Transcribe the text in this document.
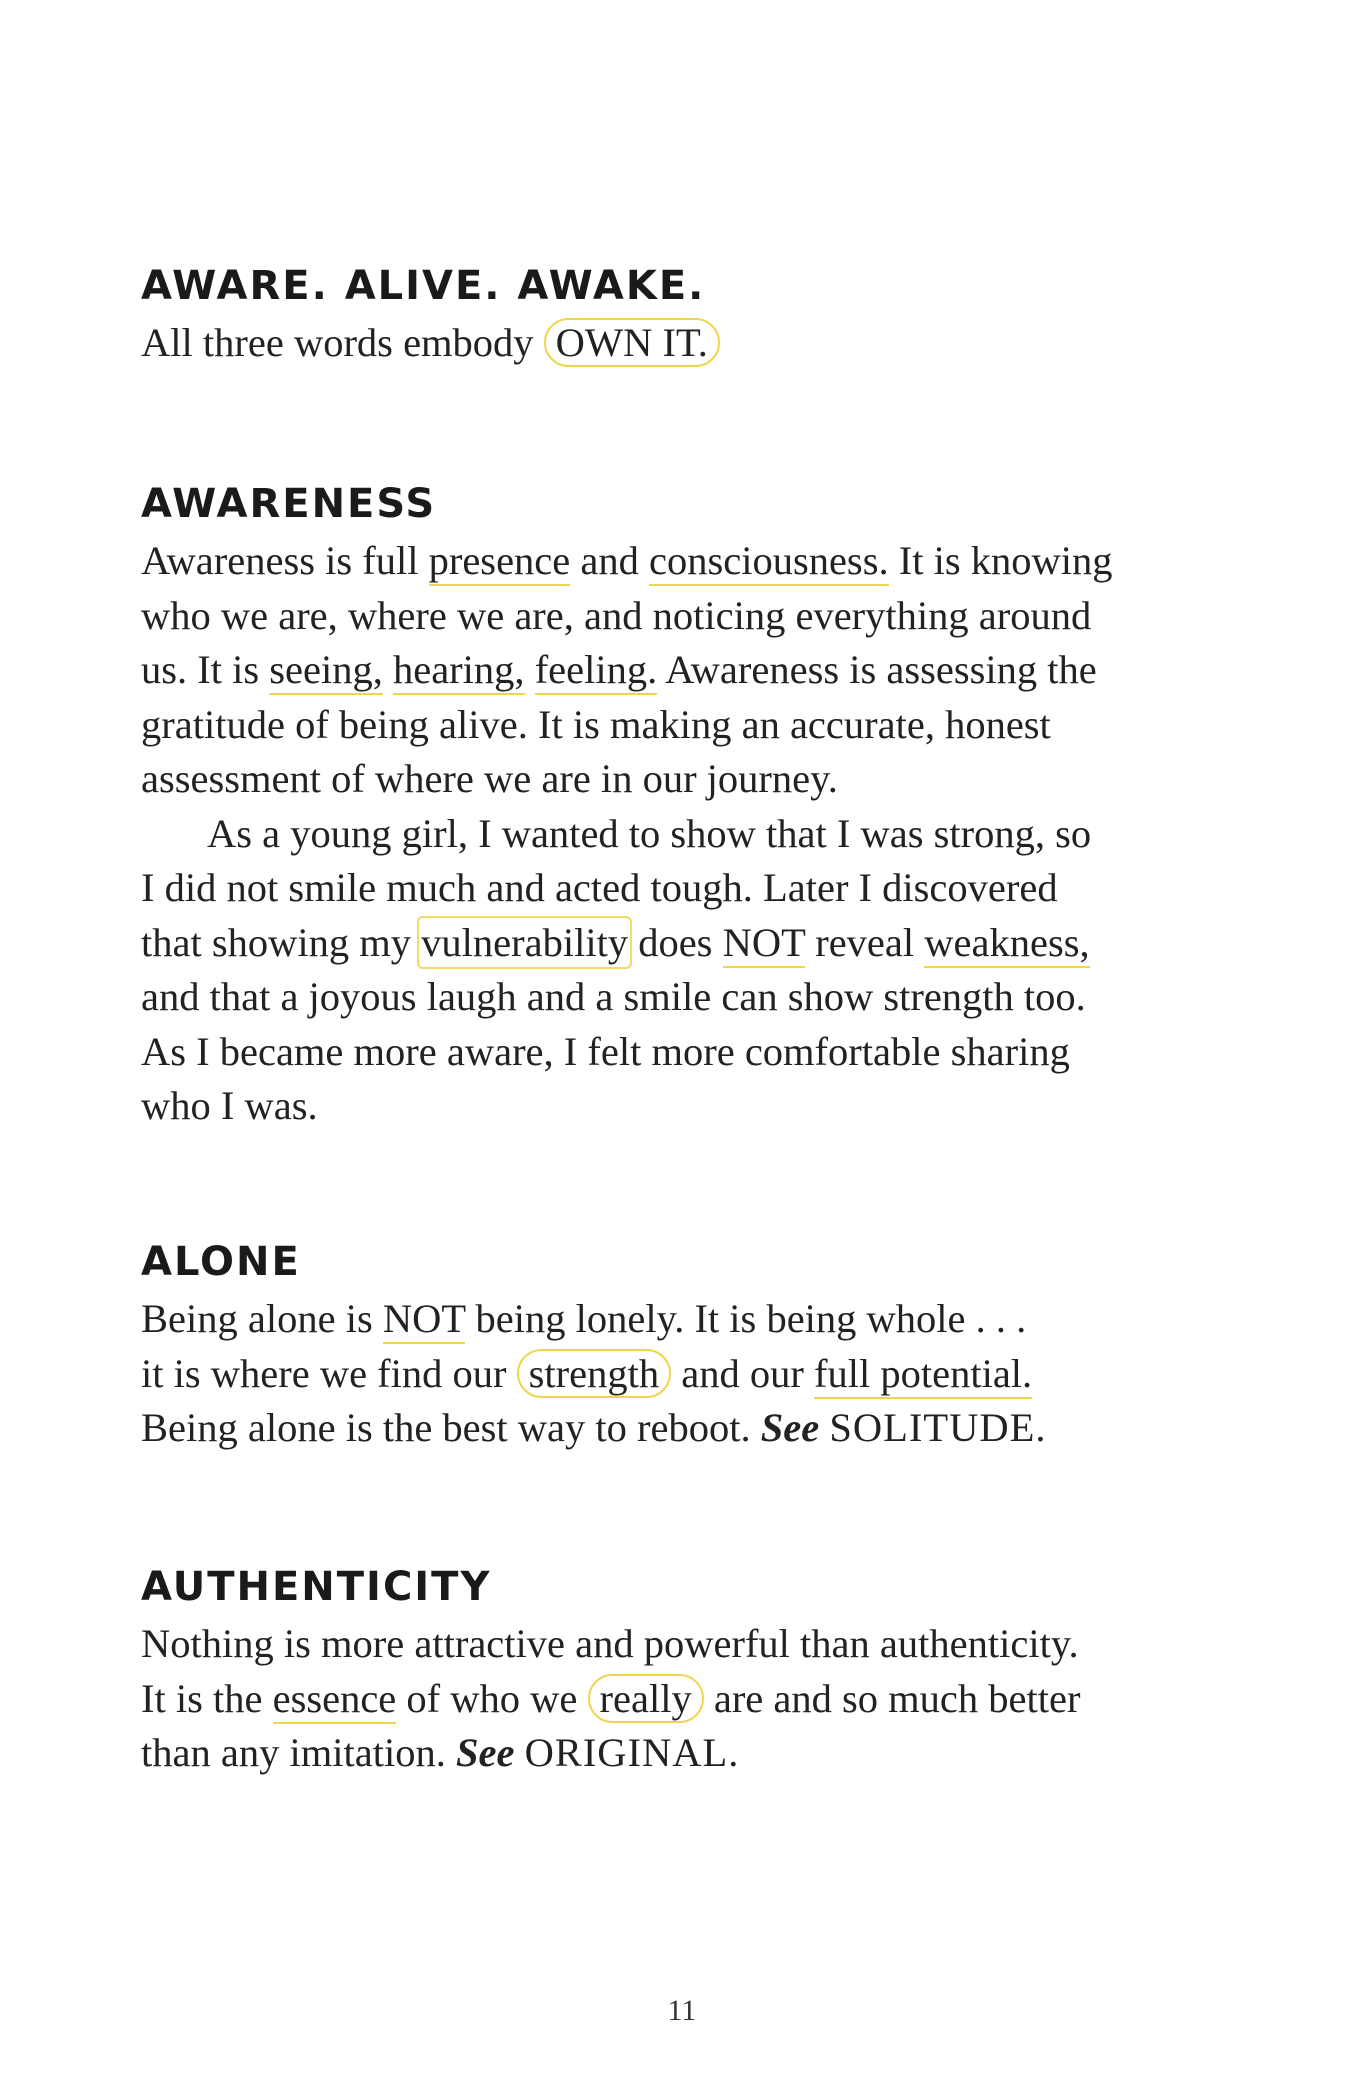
AWARE. ALIVE. AWAKE.

All three words embody OWN IT.

AWARENESS

Awareness is full presence and consciousness. It is knowing
who we are, where we are, and noticing everything around
us. It is seeing, hearing, feeling. Awareness is assessing the
gratitude of being alive. It is making an accurate, honest
assessment of where we are in our journey.

As a young girl, I wanted to show that I was strong, so
I did not smile much and acted tough. Later I discovered
that showing my vulnerability does NOT reveal weakness,
and that a joyous laugh and a smile can show strength too.
As I became more aware, I felt more comfortable sharing
who I was.

ALONE

Being alone is NOT being lonely. It is being whole . . .
it is where we find our strength and our full potential.
Being alone is the best way to reboot. See SOLITUDE.

AUTHENTICITY

Nothing is more attractive and powerful than authenticity.
It is the essence of who we really are and so much better
than any imitation. See ORIGINAL.

11
